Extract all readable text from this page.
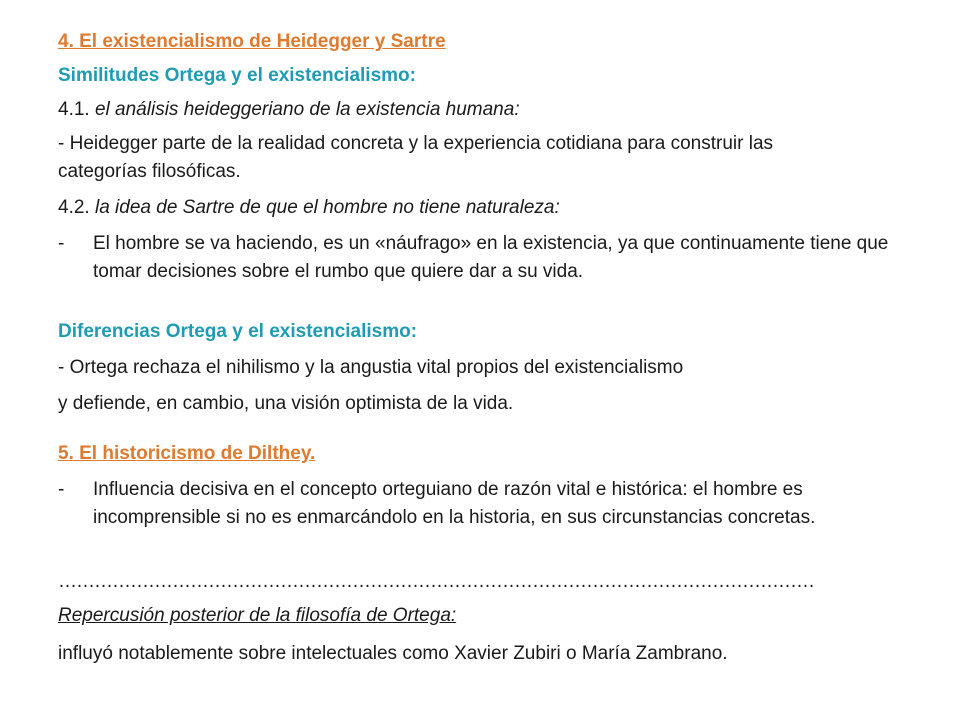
4. El existencialismo de Heidegger y Sartre
Similitudes Ortega y el existencialismo:
4.1. el análisis heideggeriano de la existencia humana:
- Heidegger parte de la realidad concreta y la experiencia cotidiana para construir las
categorías filosóficas.
4.2. la idea de Sartre de que el hombre no tiene naturaleza:
-	El hombre se va haciendo, es un «náufrago» en la existencia, ya que continuamente tiene que tomar decisiones sobre el rumbo que quiere dar a su vida.
Diferencias Ortega y el existencialismo:
- Ortega rechaza el nihilismo y la angustia vital propios del existencialismo
y defiende, en cambio, una visión optimista de la vida.
5. El historicismo de Dilthey.
-	Influencia decisiva en el concepto orteguiano de razón vital e histórica: el hombre es incomprensible si no es enmarcándolo en la historia, en sus circunstancias concretas.
………………………………………………………………………………………………………………
Repercusión posterior de la filosofía de Ortega:
influyó notablemente sobre intelectuales como Xavier Zubiri o María Zambrano.
